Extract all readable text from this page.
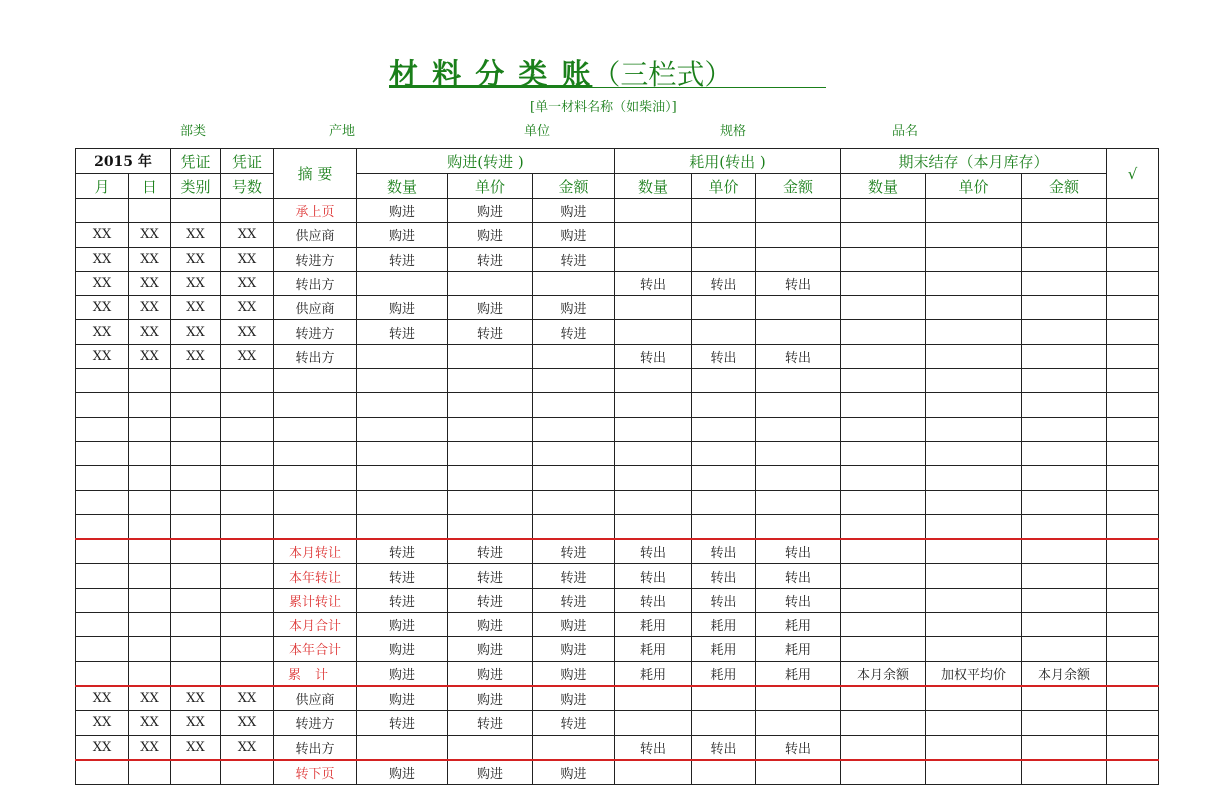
材 料 分 类 账（三栏式）
[单一材料名称（如柴油）]
部类	产地	单位	规格	品名
2015 年		凭证	凭证	摘 要	购进(转进 )			耗用(转出 )			期末结存（本月库存）			√
月	日	类别	号数		数量	单价	金额	数量	单价	金额	数量	单价	金额	
				承上页	购进	购进	购进							
XX	XX	XX	XX	供应商	购进	购进	购进							
XX	XX	XX	XX	转进方	转进	转进	转进							
XX	XX	XX	XX	转出方				转出	转出	转出				
XX	XX	XX	XX	供应商	购进	购进	购进							
XX	XX	XX	XX	转进方	转进	转进	转进							
XX	XX	XX	XX	转出方				转出	转出	转出				

				本月转让	转进	转进	转进	转出	转出	转出				
				本年转让	转进	转进	转进	转出	转出	转出				
				累计转让	转进	转进	转进	转出	转出	转出				
				本月合计	购进	购进	购进	耗用	耗用	耗用				
				本年合计	购进	购进	购进	耗用	耗用	耗用				
				累计	购进	购进	购进	耗用	耗用	耗用	本月余额	加权平均价	本月余额	
XX	XX	XX	XX	供应商	购进	购进	购进							
XX	XX	XX	XX	转进方	转进	转进	转进							
XX	XX	XX	XX	转出方				转出	转出	转出				
				转下页	购进	购进	购进							
